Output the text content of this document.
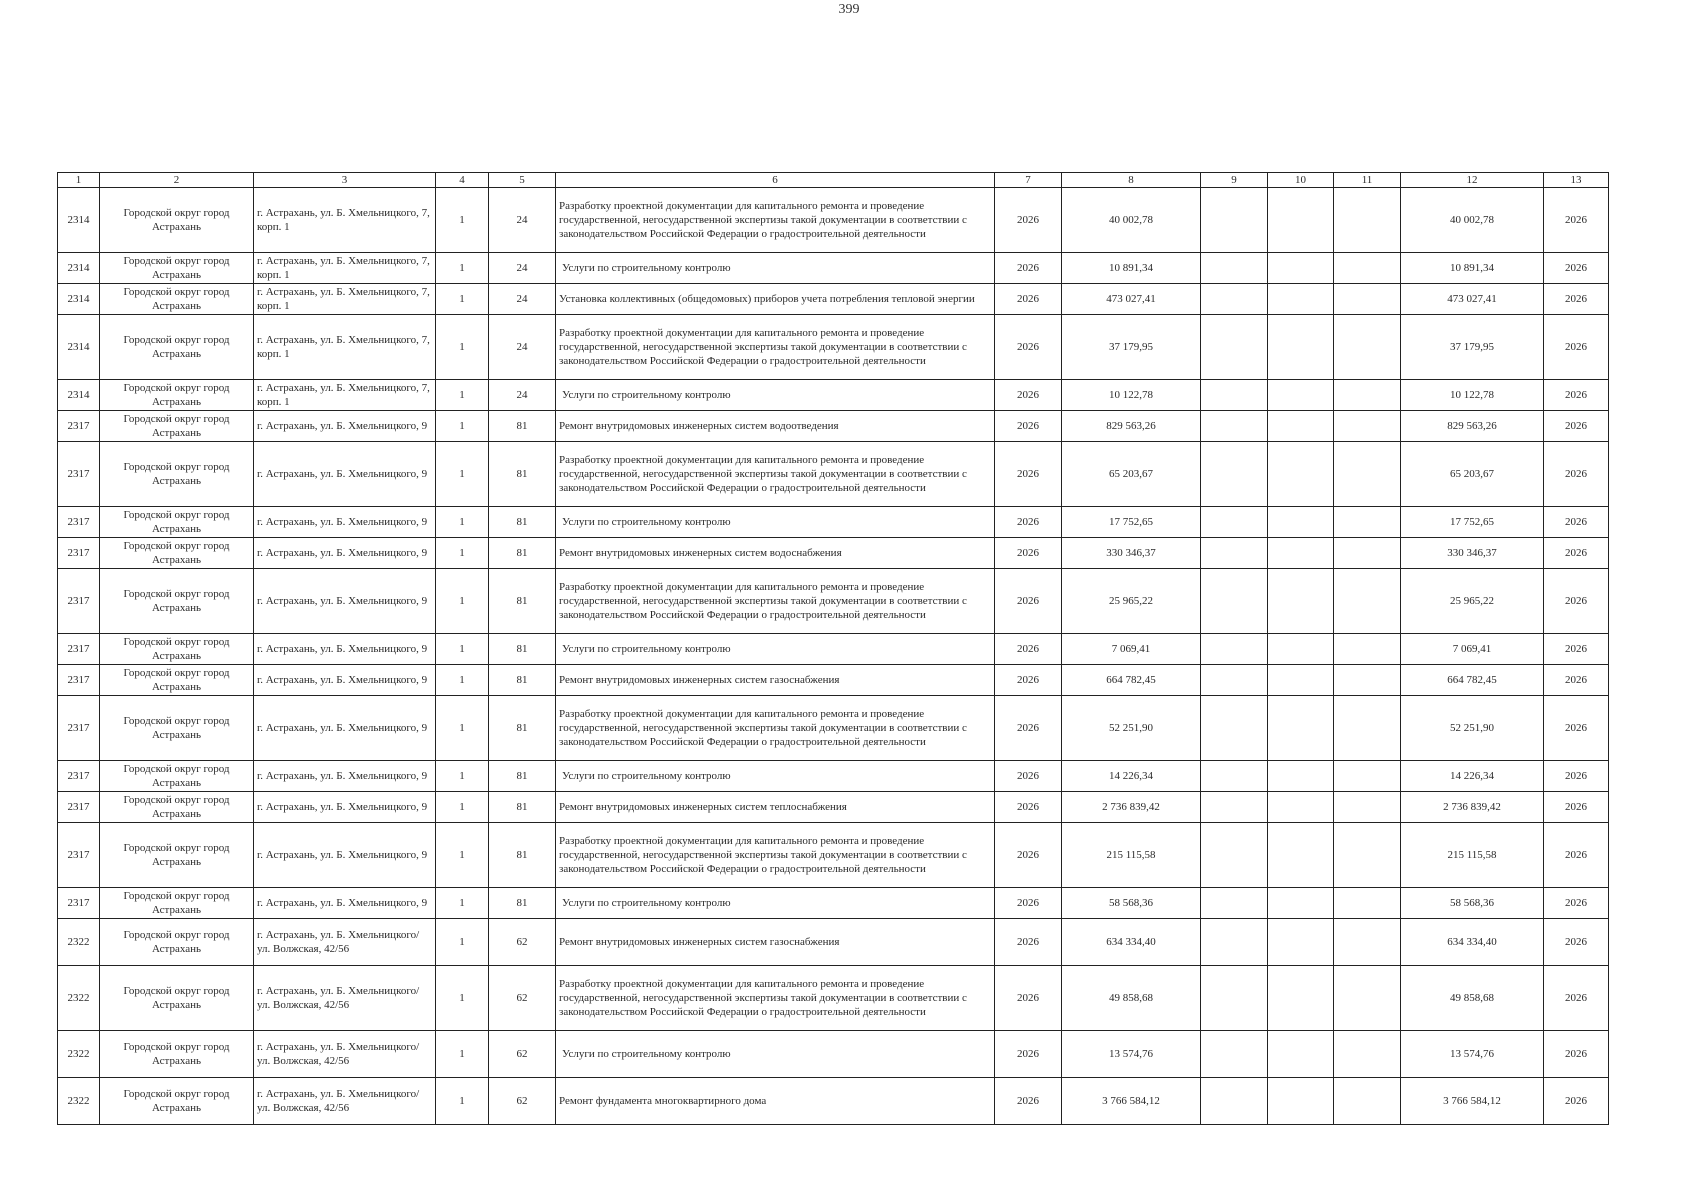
399
1	2	3	4	5	6	7	8	9	10	11	12	13
2314	Городской округ город Астрахань	г. Астрахань, ул. Б. Хмельницкого, 7, корп. 1	1	24	Разработку проектной документации для капитального ремонта и проведение государственной, негосударственной экспертизы такой документации в соответствии с законодательством Российской Федерации о градостроительной деятельности	2026	40 002,78				40 002,78	2026
2314	Городской округ город Астрахань	г. Астрахань, ул. Б. Хмельницкого, 7, корп. 1	1	24	Услуги по строительному контролю	2026	10 891,34				10 891,34	2026
2314	Городской округ город Астрахань	г. Астрахань, ул. Б. Хмельницкого, 7, корп. 1	1	24	Установка коллективных (общедомовых) приборов учета потребления тепловой энергии	2026	473 027,41				473 027,41	2026
2314	Городской округ город Астрахань	г. Астрахань, ул. Б. Хмельницкого, 7, корп. 1	1	24	Разработку проектной документации для капитального ремонта и проведение государственной, негосударственной экспертизы такой документации в соответствии с законодательством Российской Федерации о градостроительной деятельности	2026	37 179,95				37 179,95	2026
2314	Городской округ город Астрахань	г. Астрахань, ул. Б. Хмельницкого, 7, корп. 1	1	24	Услуги по строительному контролю	2026	10 122,78				10 122,78	2026
2317	Городской округ город Астрахань	г. Астрахань, ул. Б. Хмельницкого, 9	1	81	Ремонт внутридомовых инженерных систем водоотведения	2026	829 563,26				829 563,26	2026
2317	Городской округ город Астрахань	г. Астрахань, ул. Б. Хмельницкого, 9	1	81	Разработку проектной документации для капитального ремонта и проведение государственной, негосударственной экспертизы такой документации в соответствии с законодательством Российской Федерации о градостроительной деятельности	2026	65 203,67				65 203,67	2026
2317	Городской округ город Астрахань	г. Астрахань, ул. Б. Хмельницкого, 9	1	81	Услуги по строительному контролю	2026	17 752,65				17 752,65	2026
2317	Городской округ город Астрахань	г. Астрахань, ул. Б. Хмельницкого, 9	1	81	Ремонт внутридомовых инженерных систем водоснабжения	2026	330 346,37				330 346,37	2026
2317	Городской округ город Астрахань	г. Астрахань, ул. Б. Хмельницкого, 9	1	81	Разработку проектной документации для капитального ремонта и проведение государственной, негосударственной экспертизы такой документации в соответствии с законодательством Российской Федерации о градостроительной деятельности	2026	25 965,22				25 965,22	2026
2317	Городской округ город Астрахань	г. Астрахань, ул. Б. Хмельницкого, 9	1	81	Услуги по строительному контролю	2026	7 069,41				7 069,41	2026
2317	Городской округ город Астрахань	г. Астрахань, ул. Б. Хмельницкого, 9	1	81	Ремонт внутридомовых инженерных систем газоснабжения	2026	664 782,45				664 782,45	2026
2317	Городской округ город Астрахань	г. Астрахань, ул. Б. Хмельницкого, 9	1	81	Разработку проектной документации для капитального ремонта и проведение государственной, негосударственной экспертизы такой документации в соответствии с законодательством Российской Федерации о градостроительной деятельности	2026	52 251,90				52 251,90	2026
2317	Городской округ город Астрахань	г. Астрахань, ул. Б. Хмельницкого, 9	1	81	Услуги по строительному контролю	2026	14 226,34				14 226,34	2026
2317	Городской округ город Астрахань	г. Астрахань, ул. Б. Хмельницкого, 9	1	81	Ремонт внутридомовых инженерных систем теплоснабжения	2026	2 736 839,42				2 736 839,42	2026
2317	Городской округ город Астрахань	г. Астрахань, ул. Б. Хмельницкого, 9	1	81	Разработку проектной документации для капитального ремонта и проведение государственной, негосударственной экспертизы такой документации в соответствии с законодательством Российской Федерации о градостроительной деятельности	2026	215 115,58				215 115,58	2026
2317	Городской округ город Астрахань	г. Астрахань, ул. Б. Хмельницкого, 9	1	81	Услуги по строительному контролю	2026	58 568,36				58 568,36	2026
2322	Городской округ город Астрахань	г. Астрахань, ул. Б. Хмельницкого/ ул. Волжская, 42/56	1	62	Ремонт внутридомовых инженерных систем газоснабжения	2026	634 334,40				634 334,40	2026
2322	Городской округ город Астрахань	г. Астрахань, ул. Б. Хмельницкого/ ул. Волжская, 42/56	1	62	Разработку проектной документации для капитального ремонта и проведение государственной, негосударственной экспертизы такой документации в соответствии с законодательством Российской Федерации о градостроительной деятельности	2026	49 858,68				49 858,68	2026
2322	Городской округ город Астрахань	г. Астрахань, ул. Б. Хмельницкого/ ул. Волжская, 42/56	1	62	Услуги по строительному контролю	2026	13 574,76				13 574,76	2026
2322	Городской округ город Астрахань	г. Астрахань, ул. Б. Хмельницкого/ ул. Волжская, 42/56	1	62	Ремонт фундамента многоквартирного дома	2026	3 766 584,12				3 766 584,12	2026
